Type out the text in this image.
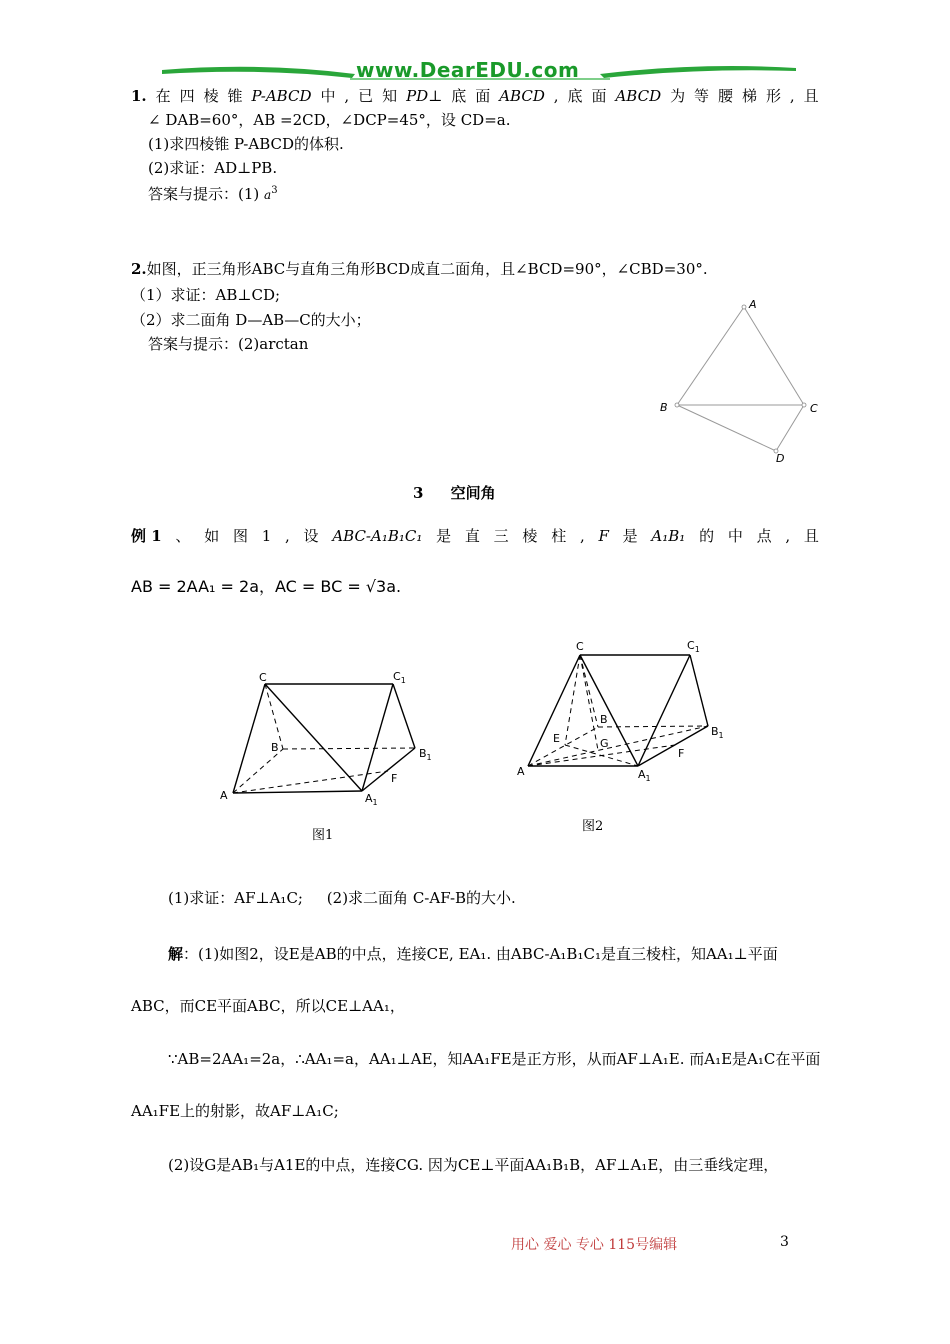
www.DearEDU.com
1. 在 四 棱 锥 P-ABCD 中 , 已 知 PD⊥ 底 面 ABCD , 底 面 ABCD 为 等 腰 梯 形 , 且
∠ DAB=60°，AB =2CD，∠DCP=45°，设 CD=a.
(1)求四棱锥 P-ABCD的体积.
(2)求证：AD⊥PB.
答案与提示：(1) $a^3$
2.如图，正三角形ABC与直角三角形BCD成直二面角，且∠BCD=90°，∠CBD=30°.
（1）求证：AB⊥CD;
（2）求二面角 D—AB—C的大小；
答案与提示：(2)arctan
A
B	C
D
3 空间角
例 1 、 如 图 1 , 设 ABC-A₁B₁C₁ 是 直 三 棱 柱 , F 是 A₁B₁ 的 中 点 , 且
AB = 2AA₁ = 2a，AC = BC = √3a.
C	$C_1$
B	$B_1$
A	$A_1$
F
图1
C	$C_1$
B
$B_1$
A	$A_1$
F
E	G
图2
(1)求证：AF⊥A₁C;     (2)求二面角 C-AF-B的大小.
解：(1)如图2，设E是AB的中点，连接CE, EA₁. 由ABC-A₁B₁C₁是直三棱柱，知AA₁⊥平面
ABC，而CE平面ABC，所以CE⊥AA₁，
∵AB=2AA₁=2a，∴AA₁=a，AA₁⊥AE，知AA₁FE是正方形，从而AF⊥A₁E. 而A₁E是A₁C在平面
AA₁FE上的射影，故AF⊥A₁C;
(2)设G是AB₁与A1E的中点，连接CG. 因为CE⊥平面AA₁B₁B，AF⊥A₁E，由三垂线定理，
用心 爱心 专心 115号编辑	3
